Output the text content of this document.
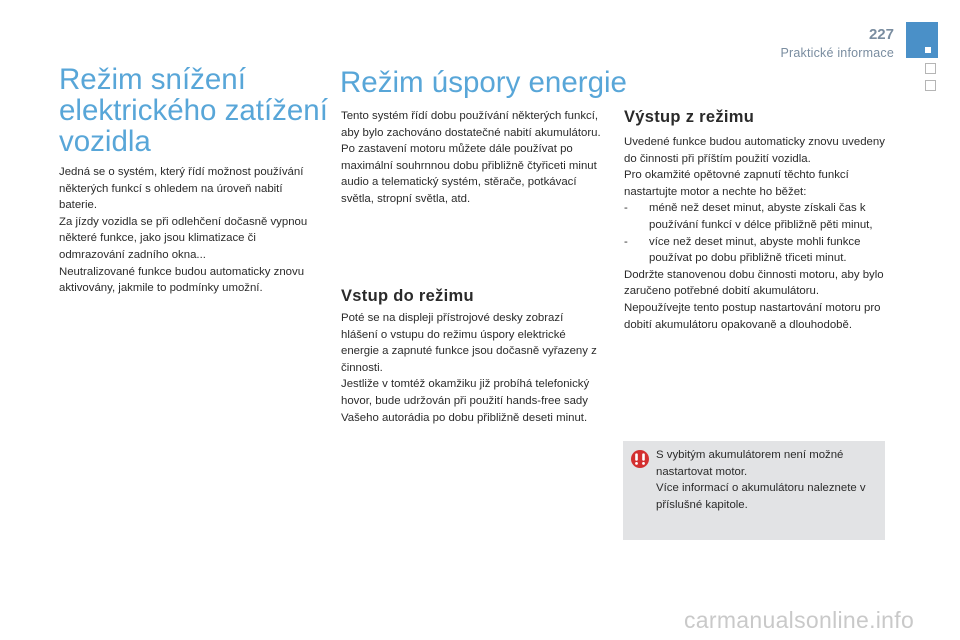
227
Praktické informace
Režim snížení elektrického zatížení vozidla

Jedná se o systém, který řídí možnost používání některých funkcí s ohledem na úroveň nabití baterie.

Za jízdy vozidla se při odlehčení dočasně vypnou některé funkce, jako jsou klimatizace či odmrazování zadního okna...

Neutralizované funkce budou automaticky znovu aktivovány, jakmile to podmínky umožní.

Režim úspory energie

Tento systém řídí dobu používání některých funkcí, aby bylo zachováno dostatečné nabití akumulátoru.

Po zastavení motoru můžete dále používat po maximální souhrnnou dobu přibližně čtyřiceti minut audio a telematický systém, stěrače, potkávací světla, stropní světla, atd.

Vstup do režimu

Poté se na displeji přístrojové desky zobrazí hlášení o vstupu do režimu úspory elektrické energie a zapnuté funkce jsou dočasně vyřazeny z činnosti.

Jestliže v tomtéž okamžiku již probíhá telefonický hovor, bude udržován při použití hands-free sady Vašeho autorádia po dobu přibližně deseti minut.

Výstup z režimu

Uvedené funkce budou automaticky znovu uvedeny do činnosti při příštím použití vozidla.

Pro okamžité opětovné zapnutí těchto funkcí nastartujte motor a nechte ho běžet:

- méně než deset minut, abyste získali čas k používání funkcí v délce přibližně pěti minut,
- více než deset minut, abyste mohli funkce používat po dobu přibližně třiceti minut.

Dodržte stanovenou dobu činnosti motoru, aby bylo zaručeno potřebné dobití akumulátoru.

Nepoužívejte tento postup nastartování motoru pro dobití akumulátoru opakovaně a dlouhodobě.

S vybitým akumulátorem není možné nastartovat motor.

Více informací o akumulátoru naleznete v příslušné kapitole.

carmanualsonline.info
